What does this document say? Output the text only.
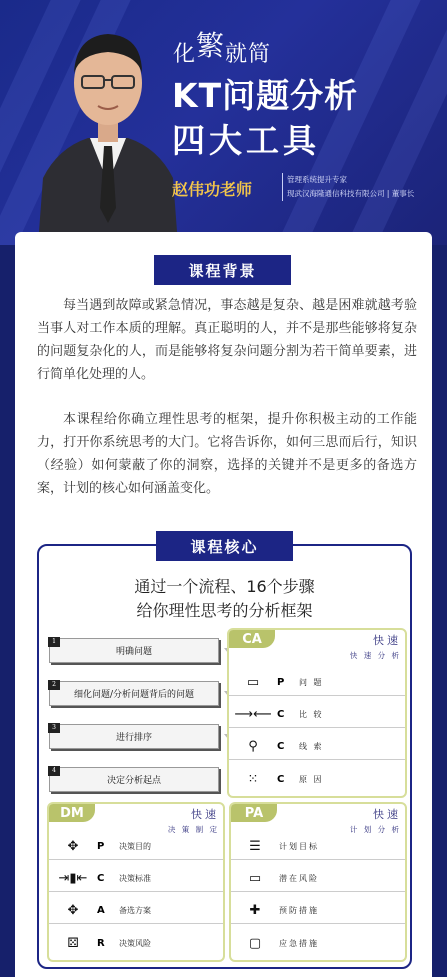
化繁就简
KT问题分析
四大工具
赵伟功老师
管理系统提升专家
现武汉海隆通信科技有限公司 | 董事长
课程背景
每当遇到故障或紧急情况，事态越是复杂、越是困难就越考验当事人对工作本质的理解。真正聪明的人，并不是那些能够将复杂的问题复杂化的人，而是能够将复杂问题分割为若干简单要素，进行简单化处理的人。
本课程给你确立理性思考的框架，提升你积极主动的工作能力，打开你系统思考的大门。它将告诉你，如何三思而后行，知识（经验）如何蒙蔽了你的洞察，选择的关键并不是更多的备选方案，计划的核心如何涵盖变化。
课程核心
通过一个流程、16个步骤
给你理性思考的分析框架
1
明确问题
2
细化问题/分析问题背后的问题
3
进行排序
4
决定分析起点
CA	快速
快 速 分 析
▭	P	问 题
⟶⟵ C	比 较
⚲	C	线 索
⁙	C	原 因
DM	快速
决 策 制 定
✥	P	决策目的
⇥▮⇤ C	决策标准
✥	A	备选方案
⚄	R	决策风险
PA	快速
计 划 分 析
☰	计划目标
▭	潜在风险
✚	预防措施
▢	应急措施
